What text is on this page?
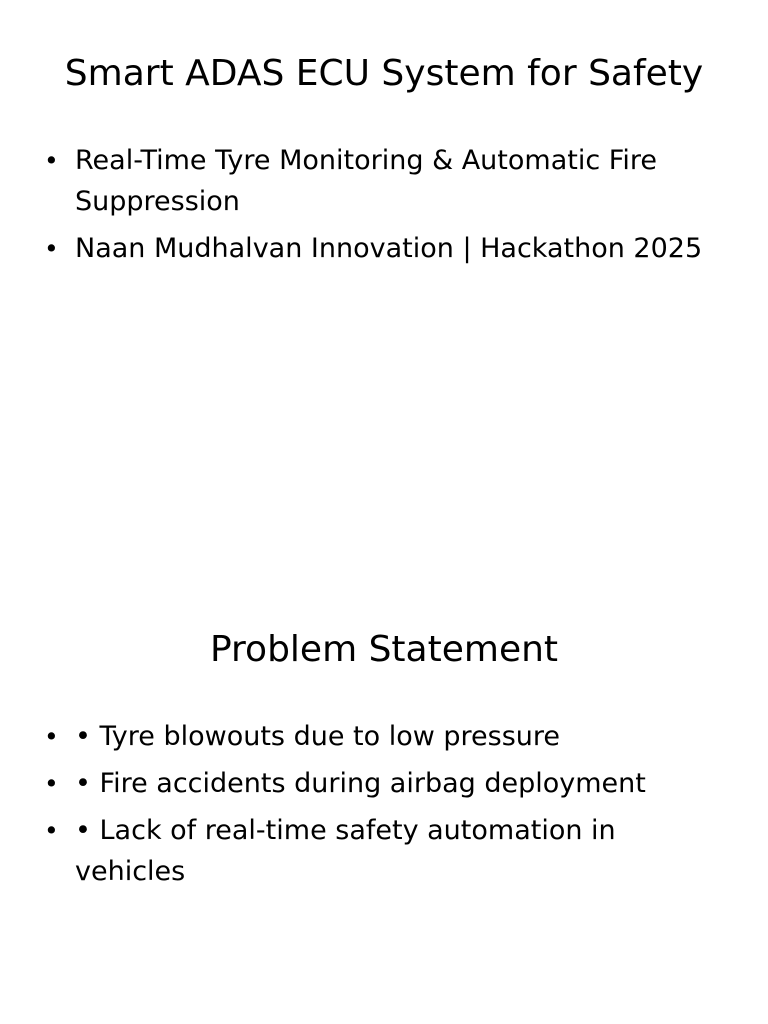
Smart ADAS ECU System for Safety
• Real-Time Tyre Monitoring & Automatic Fire Suppression
• Naan Mudhalvan Innovation | Hackathon 2025
Problem Statement
• • Tyre blowouts due to low pressure
• • Fire accidents during airbag deployment
• • Lack of real-time safety automation in vehicles
